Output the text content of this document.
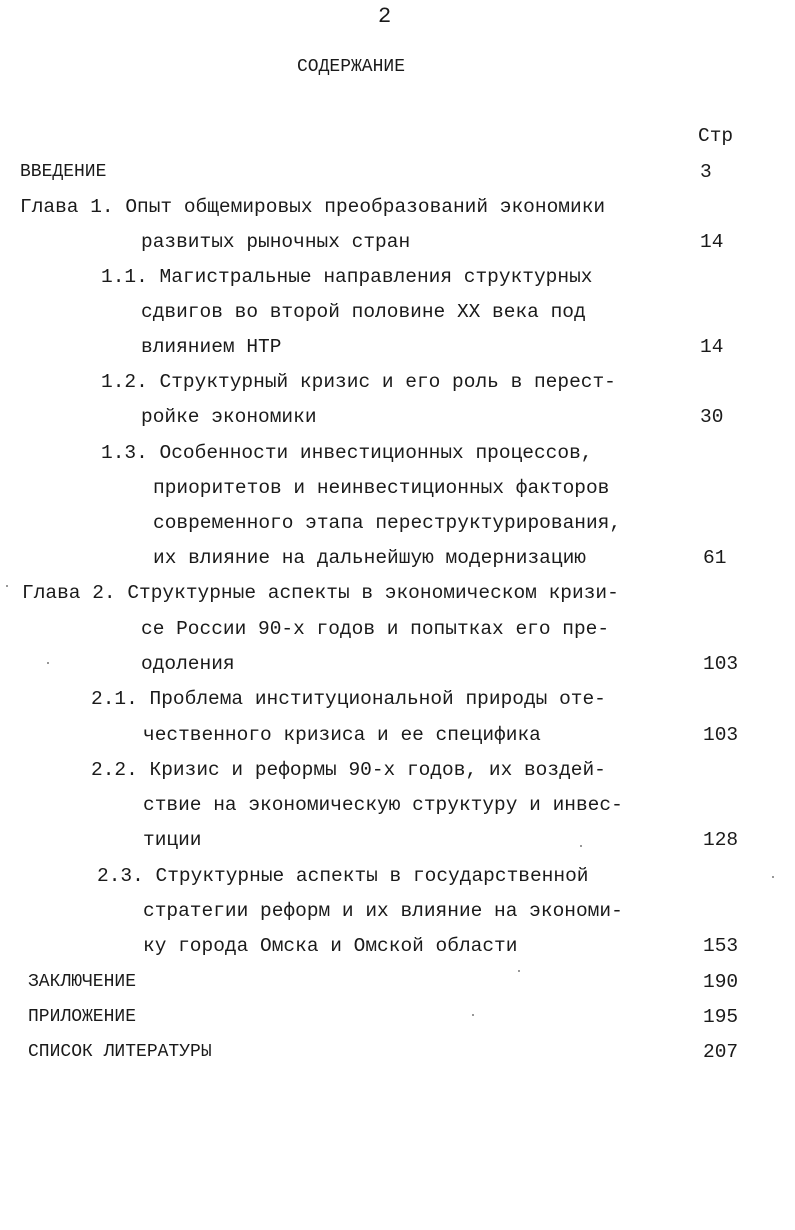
2
СОДЕРЖАНИЕ
Стр
ВВЕДЕНИЕ	3
Глава 1. Опыт общемировых преобразований экономики
развитых рыночных стран	14
1.1. Магистральные направления структурных
сдвигов во второй половине XX века под
влиянием НТР	14
1.2. Структурный кризис и его роль в перест-
ройке экономики	30
1.3. Особенности инвестиционных процессов,
приоритетов и неинвестиционных факторов
современного этапа переструктурирования,
их влияние на дальнейшую модернизацию	61
Глава 2. Структурные аспекты в экономическом кризи-
се России 90-х годов и попытках его пре-
одоления	103
2.1. Проблема институциональной природы оте-
чественного кризиса и ее специфика	103
2.2. Кризис и реформы 90-х годов, их воздей-
ствие на экономическую структуру и инвес-
тиции	128
2.3. Структурные аспекты в государственной
стратегии реформ и их влияние на экономи-
ку города Омска и Омской области	153
ЗАКЛЮЧЕНИЕ	190
ПРИЛОЖЕНИЕ	195
СПИСОК ЛИТЕРАТУРЫ	207
